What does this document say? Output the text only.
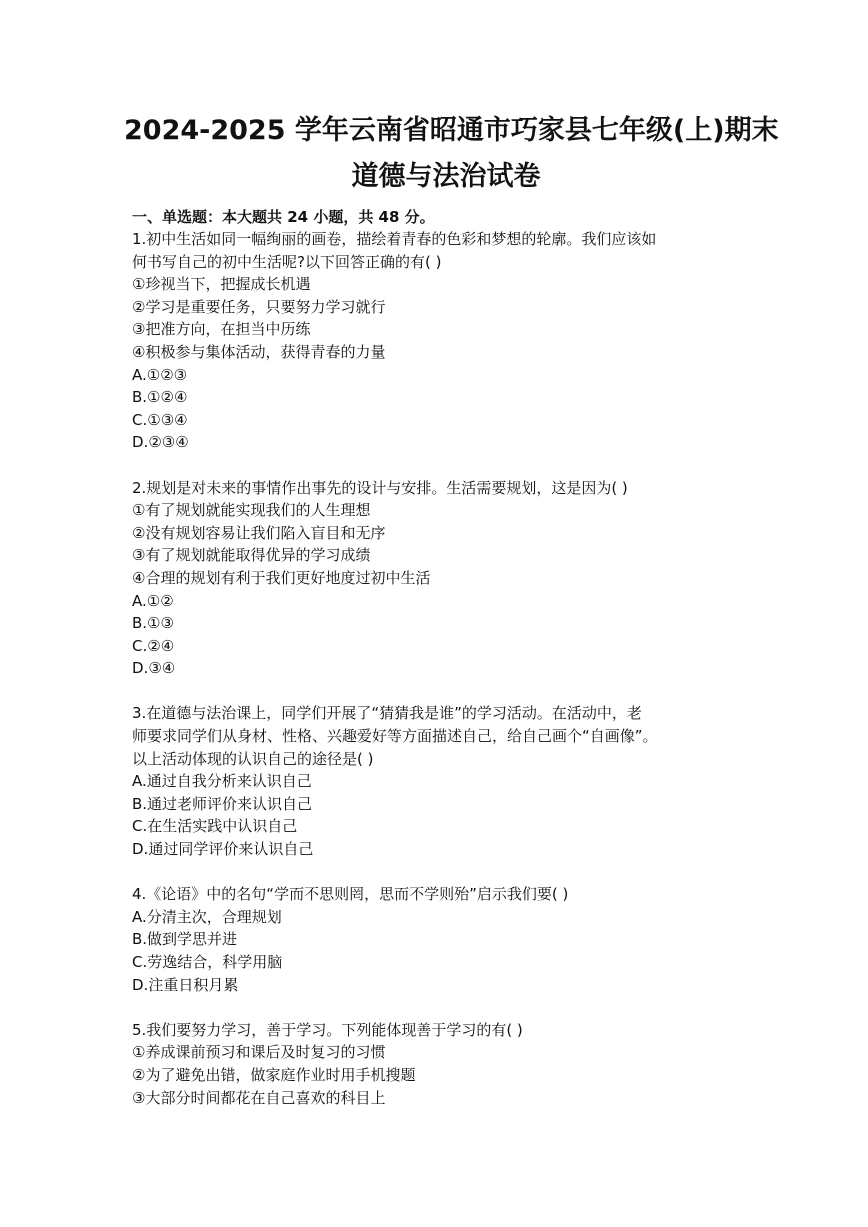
2024-2025 学年云南省昭通市巧家县七年级(上)期末
道德与法治试卷
一、单选题：本大题共 24 小题，共 48 分。
1.初中生活如同一幅绚丽的画卷，描绘着青春的色彩和梦想的轮廓。我们应该如
何书写自己的初中生活呢?以下回答正确的有( )
①珍视当下，把握成长机遇
②学习是重要任务，只要努力学习就行
③把准方向，在担当中历练
④积极参与集体活动，获得青春的力量
A.①②③
B.①②④
C.①③④
D.②③④
2.规划是对未来的事情作出事先的设计与安排。生活需要规划，这是因为( )
①有了规划就能实现我们的人生理想
②没有规划容易让我们陷入盲目和无序
③有了规划就能取得优异的学习成绩
④合理的规划有利于我们更好地度过初中生活
A.①②
B.①③
C.②④
D.③④
3.在道德与法治课上，同学们开展了“猜猜我是谁”的学习活动。在活动中，老
师要求同学们从身材、性格、兴趣爱好等方面描述自己，给自己画个“自画像”。
以上活动体现的认识自己的途径是( )
A.通过自我分析来认识自己
B.通过老师评价来认识自己
C.在生活实践中认识自己
D.通过同学评价来认识自己
4.《论语》中的名句“学而不思则罔，思而不学则殆”启示我们要( )
A.分清主次，合理规划
B.做到学思并进
C.劳逸结合，科学用脑
D.注重日积月累
5.我们要努力学习，善于学习。下列能体现善于学习的有( )
①养成课前预习和课后及时复习的习惯
②为了避免出错，做家庭作业时用手机搜题
③大部分时间都花在自己喜欢的科目上
